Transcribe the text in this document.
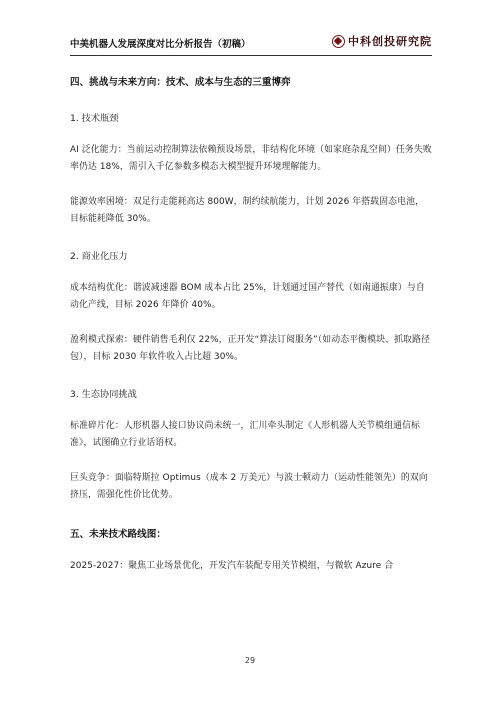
中美机器人发展深度对比分析报告（初稿）	中科创投研究院

四、挑战与未来方向：技术、成本与生态的三重博弈

1. 技术瓶颈

AI 泛化能力：当前运动控制算法依赖预设场景，非结构化环境（如家庭杂乱空间）任务失败率仍达 18%，需引入千亿参数多模态大模型提升环境理解能力。

能源效率困境：双足行走能耗高达 800W，制约续航能力，计划 2026 年搭载固态电池，目标能耗降低 30%。

2. 商业化压力

成本结构优化：谐波减速器 BOM 成本占比 25%，计划通过国产替代（如南通振康）与自动化产线，目标 2026 年降价 40%。

盈利模式探索：硬件销售毛利仅 22%，正开发“算法订阅服务”（如动态平衡模块、抓取路径包），目标 2030 年软件收入占比超 30%。

3. 生态协同挑战

标准碎片化：人形机器人接口协议尚未统一，汇川牵头制定《人形机器人关节模组通信标准》，试图确立行业话语权。

巨头竞争：面临特斯拉 Optimus（成本 2 万美元）与波士顿动力（运动性能领先）的双向挤压，需强化性价比优势。

五、未来技术路线图：

2025-2027：聚焦工业场景优化，开发汽车装配专用关节模组，与微软 Azure 合

29
